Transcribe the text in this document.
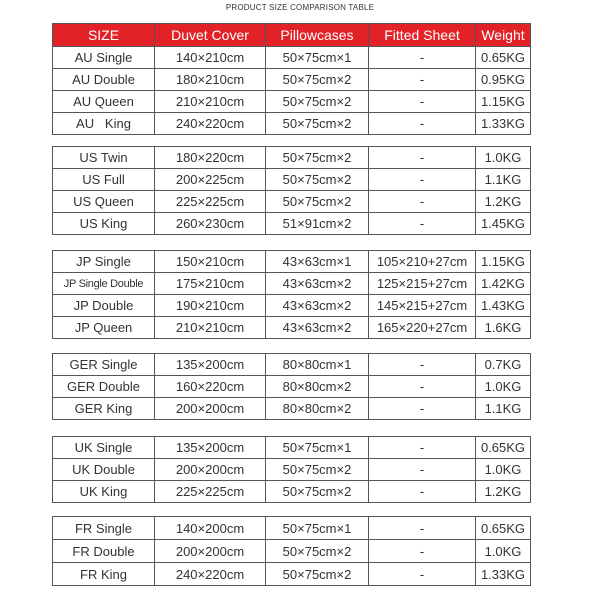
PRODUCT SIZE COMPARISON TABLE
SIZE	Duvet Cover	Pillowcases	Fitted Sheet	Weight
AU Single	140×210cm	50×75cm×1	-	0.65KG
AU Double	180×210cm	50×75cm×2	-	0.95KG
AU Queen	210×210cm	50×75cm×2	-	1.15KG
AU   King	240×220cm	50×75cm×2	-	1.33KG
US Twin	180×220cm	50×75cm×2	-	1.0KG
US Full	200×225cm	50×75cm×2	-	1.1KG
US Queen	225×225cm	50×75cm×2	-	1.2KG
US King	260×230cm	51×91cm×2	-	1.45KG
JP Single	150×210cm	43×63cm×1	105×210+27cm	1.15KG
JP Single Double	175×210cm	43×63cm×2	125×215+27cm	1.42KG
JP Double	190×210cm	43×63cm×2	145×215+27cm	1.43KG
JP Queen	210×210cm	43×63cm×2	165×220+27cm	1.6KG
GER Single	135×200cm	80×80cm×1	-	0.7KG
GER Double	160×220cm	80×80cm×2	-	1.0KG
GER King	200×200cm	80×80cm×2	-	1.1KG
UK Single	135×200cm	50×75cm×1	-	0.65KG
UK Double	200×200cm	50×75cm×2	-	1.0KG
UK King	225×225cm	50×75cm×2	-	1.2KG
FR Single	140×200cm	50×75cm×1	-	0.65KG
FR Double	200×200cm	50×75cm×2	-	1.0KG
FR King	240×220cm	50×75cm×2	-	1.33KG
